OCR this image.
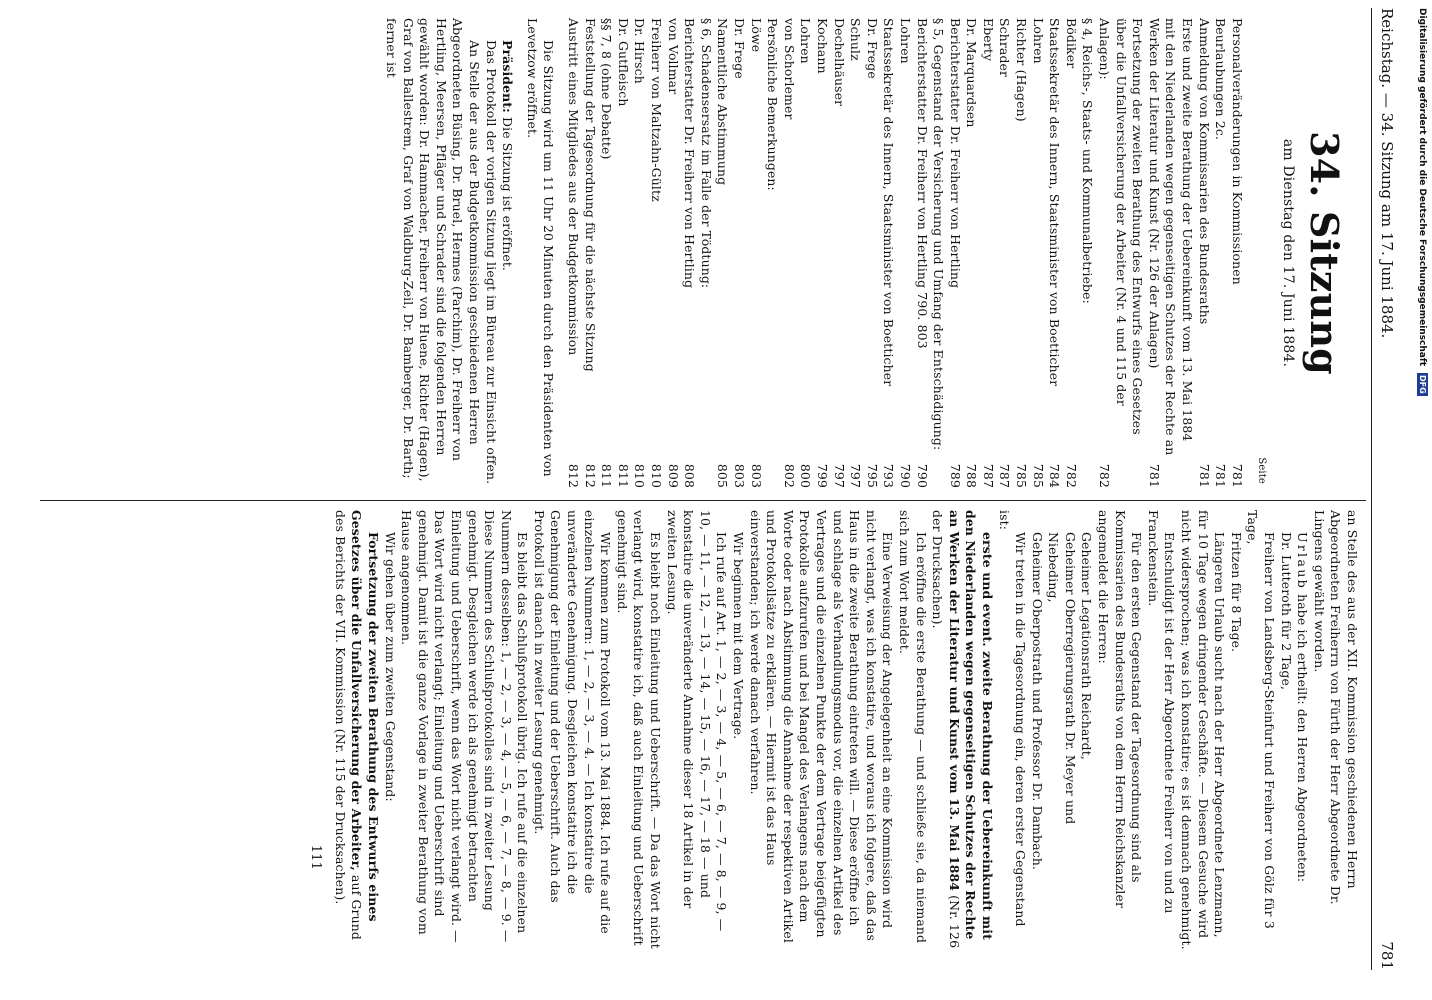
Reichstag. — 34. Sitzung am 17. Juni 1884.
781
34. Sitzung
am Dienstag den 17. Juni 1884.
Seite
Personalveränderungen in Kommissionen
781
Beurlaubungen 2c.
781
Anmeldung von Kommissarien des Bundesraths
781
Erste und zweite Berathung der Uebereinkunft vom 13. Mai 1884 mit den Niederlanden wegen gegenseitigen Schutzes der Rechte an Werken der Literatur und Kunst (Nr. 126 der Anlagen)
781
Fortsetzung der zweiten Berathung des Entwurfs eines Gesetzes über die Unfallversicherung der Arbeiter (Nr. 4 und 115 der Anlagen):
782
§ 4, Reichs-, Staats- und Kommunalbetriebe:
Bödiker
782
Staatssekretär des Innern, Staatsminister von Boetticher
784
Lohren
785
Richter (Hagen)
785
Schrader
787
Eberty
787
Dr. Marquardsen
788
Berichterstatter Dr. Freiherr von Hertling
789
§ 5, Gegenstand der Versicherung und Umfang der Entschädigung:
Berichterstatter Dr. Freiherr von Hertling 790. 803
790
Lohren
790
Staatssekretär des Innern, Staatsminister von Boetticher
793
Dr. Frege
795
Schulz
797
Dechelhäuser
797
Kochann
799
Lohren
800
von Schorlemer
802
Persönliche Bemerkungen:
Löwe
803
Dr. Frege
803
Namentliche Abstimmung
805
§ 6, Schadensersatz im Falle der Tödtung:
Berichterstatter Dr. Freiherr von Hertling
808
von Vollmar
809
Freiherr von Maltzahn-Gültz
810
Dr. Hirsch
810
Dr. Gutfleisch
811
§§ 7, 8 (ohne Debatte)
811
Feststellung der Tagesordnung für die nächste Sitzung
812
Austritt eines Mitgliedes aus der Budgetkommission
812

Die Sitzung wird um 11 Uhr 20 Minuten durch den Präsidenten von Levetzow eröffnet.

Präsident: Die Sitzung ist eröffnet.

Das Protokoll der vorigen Sitzung liegt im Büreau zur Einsicht offen.

An Stelle der aus der Budgetkommission geschiedenen Herren Abgeordneten Büsing, Dr. Bruel, Hermes (Parchim), Dr. Freiherr von Hertling, Meersen, Pfläger und Schrader sind die folgenden Herren gewählt worden: Dr. Hammacher, Freiherr von Huene, Richter (Hagen), Graf von Ballestrem, Graf von Waldburg-Zeil, Dr. Bamberger, Dr. Barth; ferner ist

an Stelle des aus der XII. Kommission geschiedenen Herrn Abgeordneten Freiherrn von Fürth der Herr Abgeordnete Dr. Lingens gewählt worden.

Urlaub habe ich ertheilt: den Herren Abgeordneten:

Dr. Lutteroth für 2 Tage,

Freiherr von Landsberg-Steinfurt und Freiherr von Gölz für 3 Tage,

Fritzen für 8 Tage.

Längeren Urlaub sucht nach der Herr Abgeordnete Lenzmann, für 10 Tage wegen dringender Geschäfte. — Diesem Gesuche wird nicht widersprochen; was ich konstatire; es ist demnach genehmigt.

Entschuldigt ist der Herr Abgeordnete Freiherr von und zu Franckenstein.

Für den ersten Gegenstand der Tagesordnung sind als Kommissarien des Bundesraths von dem Herrn Reichskanzler angemeldet die Herren:

Geheimer Legationsrath Reichardt,

Geheimer Oberregierungsrath Dr. Meyer und

Niebeding,

Geheimer Oberpostrath und Professor Dr. Dambach.

Wir treten in die Tagesordnung ein, deren erster Gegenstand ist:

erste und event. zweite Berathung der Uebereinkunft mit den Niederlanden wegen gegenseitigen Schutzes der Rechte an Werken der Literatur und Kunst vom 13. Mai 1884 (Nr. 126 der Drucksachen).

Ich eröffne die erste Berathung — und schließe sie, da niemand sich zum Wort meldet.

Eine Verweisung der Angelegenheit an eine Kommission wird nicht verlangt, was ich konstatire, und woraus ich folgere, daß das Haus in die zweite Berathung eintreten will. — Diese eröffne ich und schlage als Verhandlungsmodus vor, die einzelnen Artikel des Vertrages und die einzelnen Punkte der dem Vertrage beigefügten Protokolle aufzurufen und bei Mangel des Verlangens nach dem Worte oder nach Abstimmung die Annahme der respektiven Artikel und Protokollsätze zu erklären. — Hiermit ist das Haus einverstanden; ich werde danach verfahren.

Wir beginnen mit dem Vertrage.

Ich rufe auf Art. 1, — 2, — 3, — 4, — 5, — 6, — 7, — 8, — 9, — 10, — 11, — 12, — 13, — 14, — 15, — 16, — 17, — 18 — und konstatire die unveränderte Annahme dieser 18 Artikel in der zweiten Lesung.

Es bleibt noch Einleitung und Ueberschrift. — Da das Wort nicht verlangt wird, konstatire ich, daß auch Einleitung und Ueberschrift genehmigt sind.

Wir kommen zum Protokoll vom 13. Mai 1884. Ich rufe auf die einzelnen Nummern: 1, — 2, — 3, — 4. — Ich konstatire die unveränderte Genehmigung. Desgleichen konstatire ich die Genehmigung der Einleitung und der Ueberschrift. Auch das Protokoll ist danach in zweiter Lesung genehmigt.

Es bleibt das Schlußprotokoll übrig. Ich rufe auf die einzelnen Nummern desselben: 1, — 2, — 3, — 4, — 5, — 6, — 7, — 8, — 9. — Diese Nummern des Schlußprotokolles sind in zweiter Lesung genehmigt. Desgleichen werde ich als genehmigt betrachten Einleitung und Ueberschrift, wenn das Wort nicht verlangt wird. — Das Wort wird nicht verlangt; Einleitung und Ueberschrift sind genehmigt. Damit ist die ganze Vorlage in zweiter Berathung vom Hause angenommen.

Wir gehen über zum zweiten Gegenstand:

Fortsetzung der zweiten Berathung des Entwurfs eines Gesetzes über die Unfallversicherung der Arbeiter, auf Grund des Berichts der VII. Kommission (Nr. 115 der Drucksachen).

111
Digitalisierung gefördert durch die Deutsche Forschungsgemeinschaft DFG
